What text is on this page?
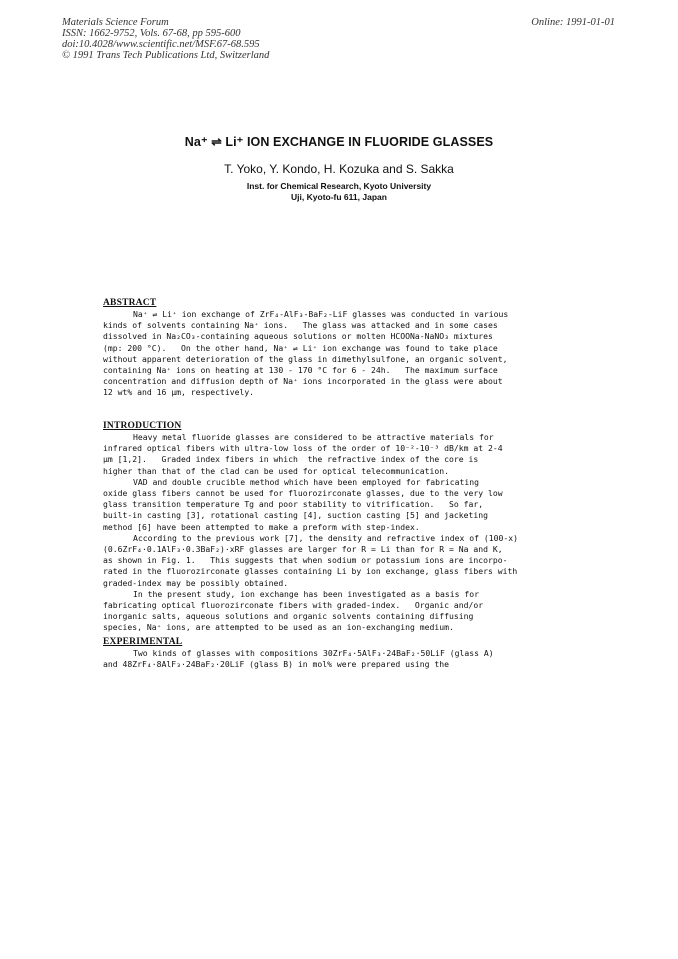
Materials Science Forum
ISSN: 1662-9752, Vols. 67-68, pp 595-600
doi:10.4028/www.scientific.net/MSF.67-68.595
© 1991 Trans Tech Publications Ltd, Switzerland
Online: 1991-01-01
Na⁺ ⇌ Li⁺ ION EXCHANGE IN FLUORIDE GLASSES
T. Yoko, Y. Kondo, H. Kozuka and S. Sakka
Inst. for Chemical Research, Kyoto University
Uji, Kyoto-fu 611, Japan
ABSTRACT
Na⁺ ⇌ Li⁺ ion exchange of ZrF₄-AlF₃-BaF₂-LiF glasses was conducted in various
kinds of solvents containing Na⁺ ions.   The glass was attacked and in some cases
dissolved in Na₂CO₃-containing aqueous solutions or molten HCOONa-NaNO₃ mixtures
(mp: 200 °C).   On the other hand, Na⁺ ⇌ Li⁺ ion exchange was found to take place
without apparent deterioration of the glass in dimethylsulfone, an organic solvent,
containing Na⁺ ions on heating at 130 - 170 °C for 6 - 24h.   The maximum surface
concentration and diffusion depth of Na⁺ ions incorporated in the glass were about
12 wt% and 16 μm, respectively.
INTRODUCTION
Heavy metal fluoride glasses are considered to be attractive materials for
infrared optical fibers with ultra-low loss of the order of 10⁻²-10⁻³ dB/km at 2-4
μm [1,2].   Graded index fibers in which  the refractive index of the core is
higher than that of the clad can be used for optical telecommunication.
VAD and double crucible method which have been employed for fabricating
oxide glass fibers cannot be used for fluorozirconate glasses, due to the very low
glass transition temperature Tg and poor stability to vitrification.   So far,
built-in casting [3], rotational casting [4], suction casting [5] and jacketing
method [6] have been attempted to make a preform with step-index.
According to the previous work [7], the density and refractive index of (100-x)
(0.6ZrF₄·0.1AlF₃·0.3BaF₂)·xRF glasses are larger for R = Li than for R = Na and K,
as shown in Fig. 1.   This suggests that when sodium or potassium ions are incorpo-
rated in the fluorozirconate glasses containing Li by ion exchange, glass fibers with
graded-index may be possibly obtained.
In the present study, ion exchange has been investigated as a basis for
fabricating optical fluorozirconate fibers with graded-index.   Organic and/or
inorganic salts, aqueous solutions and organic solvents containing diffusing
species, Na⁺ ions, are attempted to be used as an ion-exchanging medium.
EXPERIMENTAL
Two kinds of glasses with compositions 30ZrF₄·5AlF₃·24BaF₂·50LiF (glass A)
and 48ZrF₄·8AlF₃·24BaF₂·20LiF (glass B) in mol% were prepared using the
